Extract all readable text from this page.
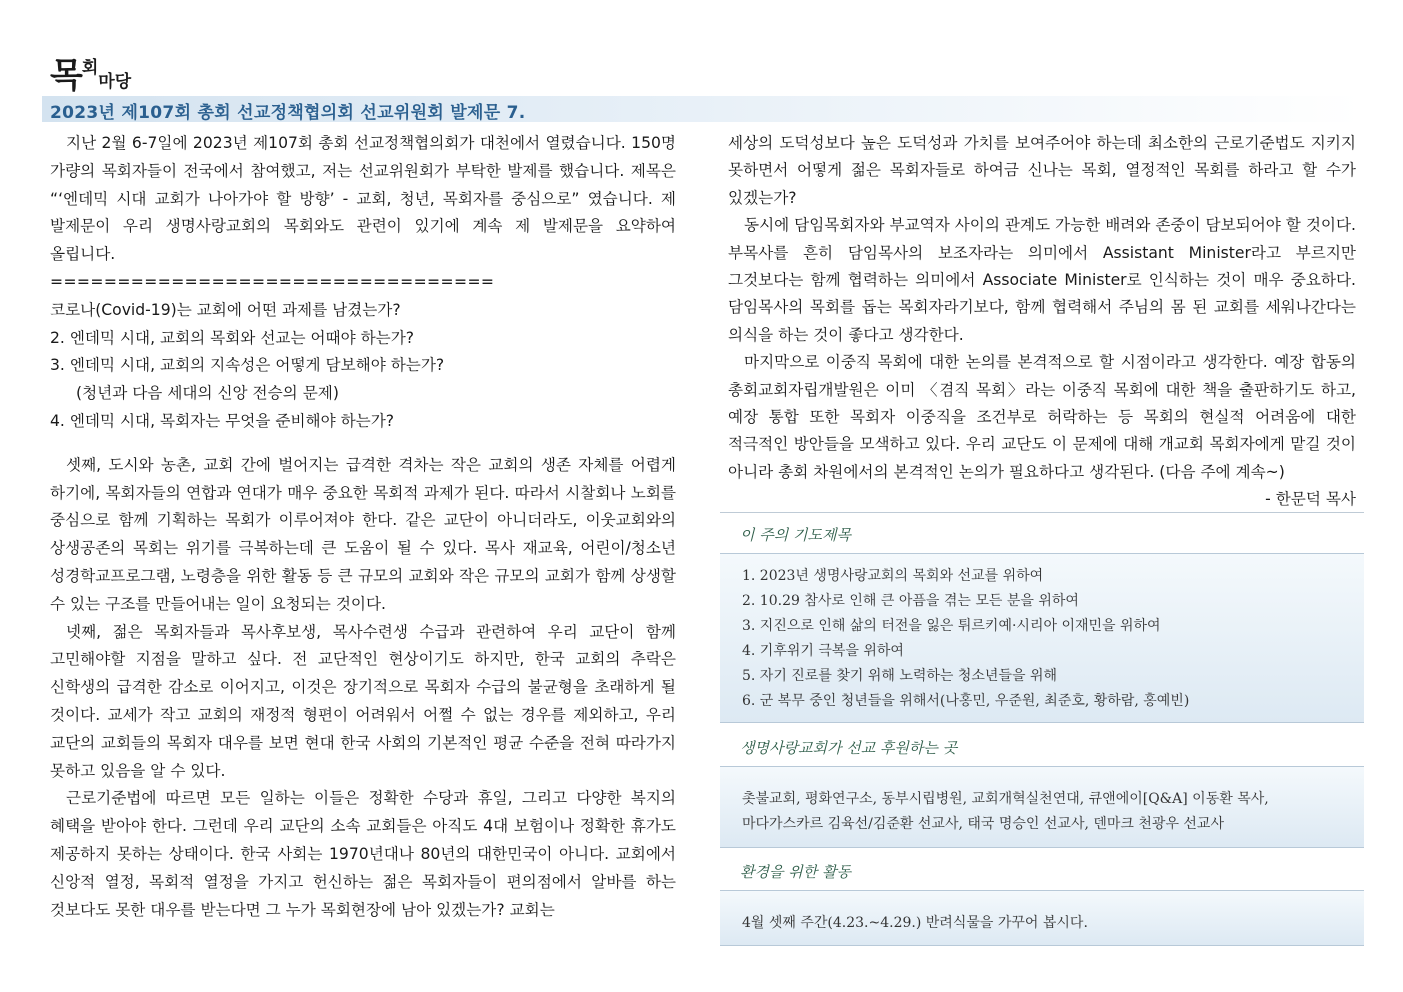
목회마당
2023년 제107회 총회 선교정책협의회 선교위원회 발제문 7.

지난 2월 6-7일에 2023년 제107회 총회 선교정책협의회가 대천에서 열렸습니다. 150명 가량의 목회자들이 전국에서 참여했고, 저는 선교위원회가 부탁한 발제를 했습니다. 제목은 “‘엔데믹 시대 교회가 나아가야 할 방향’ - 교회, 청년, 목회자를 중심으로” 였습니다. 제 발제문이 우리 생명사랑교회의 목회와도 관련이 있기에 계속 제 발제문을 요약하여 올립니다.

=================================
코로나(Covid-19)는 교회에 어떤 과제를 남겼는가?
2. 엔데믹 시대, 교회의 목회와 선교는 어때야 하는가?
3. 엔데믹 시대, 교회의 지속성은 어떻게 담보해야 하는가?
(청년과 다음 세대의 신앙 전승의 문제)
4. 엔데믹 시대, 목회자는 무엇을 준비해야 하는가?

셋째, 도시와 농촌, 교회 간에 벌어지는 급격한 격차는 작은 교회의 생존 자체를 어렵게 하기에, 목회자들의 연합과 연대가 매우 중요한 목회적 과제가 된다. 따라서 시찰회나 노회를 중심으로 함께 기획하는 목회가 이루어져야 한다. 같은 교단이 아니더라도, 이웃교회와의 상생공존의 목회는 위기를 극복하는데 큰 도움이 될 수 있다. 목사 재교육, 어린이/청소년 성경학교프로그램, 노령층을 위한 활동 등 큰 규모의 교회와 작은 규모의 교회가 함께 상생할 수 있는 구조를 만들어내는 일이 요청되는 것이다.

넷째, 젊은 목회자들과 목사후보생, 목사수련생 수급과 관련하여 우리 교단이 함께 고민해야할 지점을 말하고 싶다. 전 교단적인 현상이기도 하지만, 한국 교회의 추락은 신학생의 급격한 감소로 이어지고, 이것은 장기적으로 목회자 수급의 불균형을 초래하게 될 것이다. 교세가 작고 교회의 재정적 형편이 어려워서 어쩔 수 없는 경우를 제외하고, 우리 교단의 교회들의 목회자 대우를 보면 현대 한국 사회의 기본적인 평균 수준을 전혀 따라가지 못하고 있음을 알 수 있다.

근로기준법에 따르면 모든 일하는 이들은 정확한 수당과 휴일, 그리고 다양한 복지의 혜택을 받아야 한다. 그런데 우리 교단의 소속 교회들은 아직도 4대 보험이나 정확한 휴가도 제공하지 못하는 상태이다. 한국 사회는 1970년대나 80년의 대한민국이 아니다. 교회에서 신앙적 열정, 목회적 열정을 가지고 헌신하는 젊은 목회자들이 편의점에서 알바를 하는 것보다도 못한 대우를 받는다면 그 누가 목회현장에 남아 있겠는가? 교회는

세상의 도덕성보다 높은 도덕성과 가치를 보여주어야 하는데 최소한의 근로기준법도 지키지 못하면서 어떻게 젊은 목회자들로 하여금 신나는 목회, 열정적인 목회를 하라고 할 수가 있겠는가?

동시에 담임목회자와 부교역자 사이의 관계도 가능한 배려와 존중이 담보되어야 할 것이다. 부목사를 흔히 담임목사의 보조자라는 의미에서 Assistant Minister라고 부르지만 그것보다는 함께 협력하는 의미에서 Associate Minister로 인식하는 것이 매우 중요하다. 담임목사의 목회를 돕는 목회자라기보다, 함께 협력해서 주님의 몸 된 교회를 세워나간다는 의식을 하는 것이 좋다고 생각한다.

마지막으로 이중직 목회에 대한 논의를 본격적으로 할 시점이라고 생각한다. 예장 합동의 총회교회자립개발원은 이미 〈겸직 목회〉라는 이중직 목회에 대한 책을 출판하기도 하고, 예장 통합 또한 목회자 이중직을 조건부로 허락하는 등 목회의 현실적 어려움에 대한 적극적인 방안들을 모색하고 있다. 우리 교단도 이 문제에 대해 개교회 목회자에게 맡길 것이 아니라 총회 차원에서의 본격적인 논의가 필요하다고 생각된다. (다음 주에 계속~)

- 한문덕 목사

이 주의 기도제목
1. 2023년 생명사랑교회의 목회와 선교를 위하여
2. 10.29 참사로 인해 큰 아픔을 겪는 모든 분을 위하여
3. 지진으로 인해 삶의 터전을 잃은 튀르키예·시리아 이재민을 위하여
4. 기후위기 극복을 위하여
5. 자기 진로를 찾기 위해 노력하는 청소년들을 위해
6. 군 복무 중인 청년들을 위해서(나홍민, 우준원, 최준호, 황하람, 홍예빈)
생명사랑교회가 선교 후원하는 곳
촛불교회, 평화연구소, 동부시립병원, 교회개혁실천연대, 큐앤에이[Q&A] 이동환 목사,
마다가스카르 김육선/김준환 선교사, 태국 명승인 선교사, 덴마크 천광우 선교사
환경을 위한 활동
4월 셋째 주간(4.23.~4.29.) 반려식물을 가꾸어 봅시다.
